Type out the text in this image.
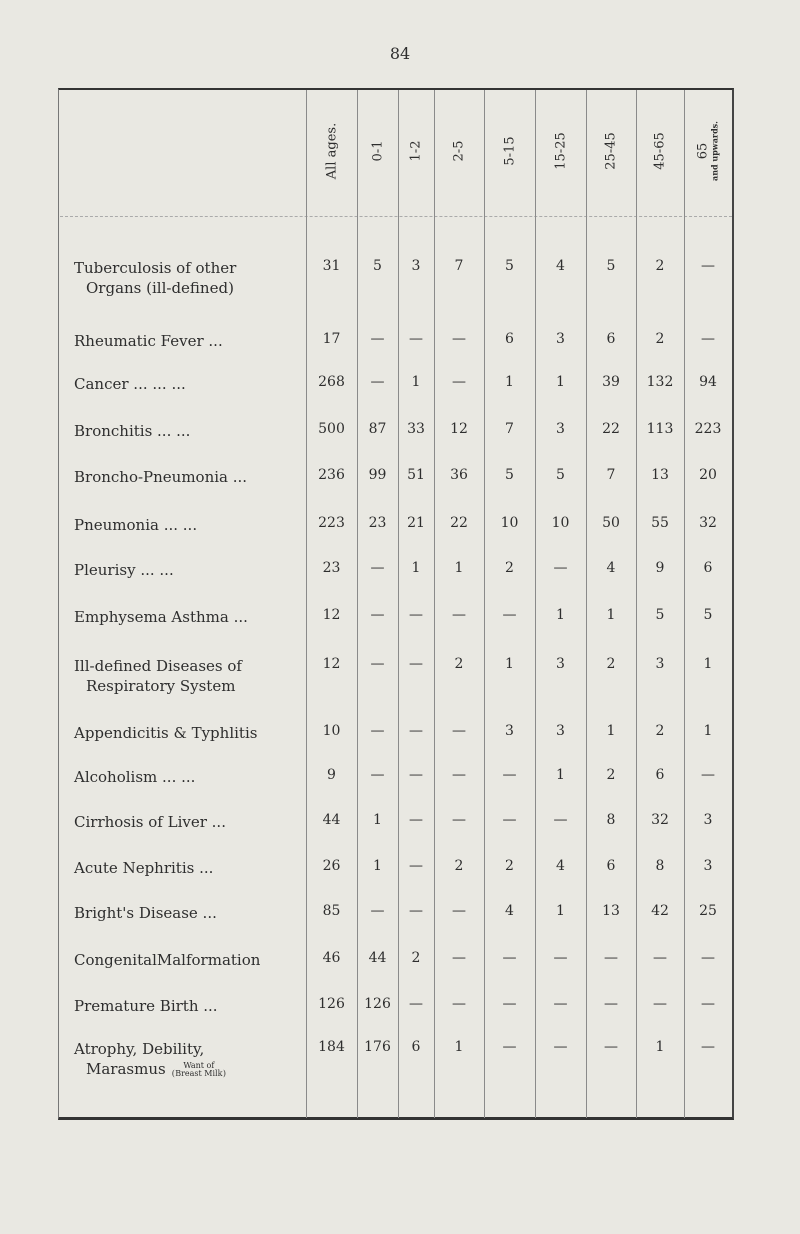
84
All ages. 0-1 1-2 2-5	5-15	15-25	25-45	45-65 65 and upwards.
Tuberculosis of other
Organs (ill-defined)
31	5	3	7	5	4	5	2	—
Rheumatic Fever ...	17	—	—	—	6	3	6	2	—
Cancer ... ... ...	268	—	1	—	1	1	39	132	94
Bronchitis ... ...	500	87	33	12	7	3	22	113	223
Broncho-Pneumonia ...	236	99	51	36	5	5	7	13	20
Pneumonia ... ...	223	23	21	22	10	10	50	55	32
Pleurisy ... ...	23	—	1	1	2	—	4	9	6
Emphysema Asthma ...	12	—	—	—	—	1	1	5	5
Ill-defined Diseases of
Respiratory System
12	—	—	2	1	3	2	3	1
Appendicitis & Typhlitis	10	—	—	—	3	3	1	2	1
Alcoholism ... ...	9	—	—	—	—	1	2	6	—
Cirrhosis of Liver ...	44	1	—	—	—	—	8	32	3
Acute Nephritis ...	26	1	—	2	2	4	6	8	3
Bright's Disease ...	85	—	—	—	4	1	13	42	25
CongenitalMalformation	46	44	2	—	—	—	—	—	—
Premature Birth ...	126	126	—	—	—	—	—	—	—
Atrophy, Debility,
Marasmus (Want of Breast Milk)
184	176	6	1	—	—	—	1	—
